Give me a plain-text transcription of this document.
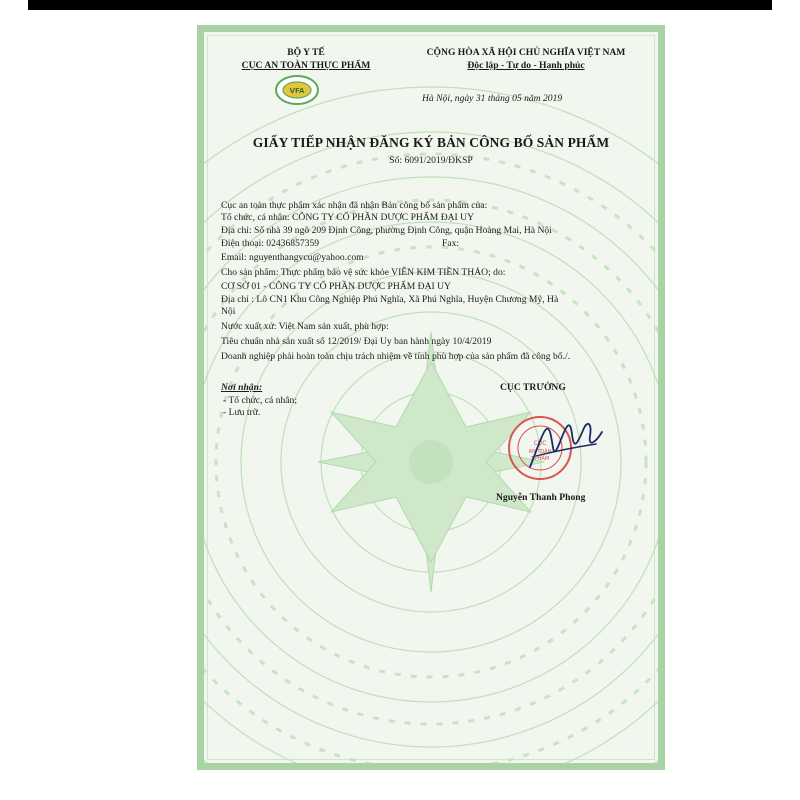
BỘ Y TẾ
CỤC AN TOÀN THỰC PHẨM
VFA
CỘNG HÒA XÃ HỘI CHỦ NGHĨA VIỆT NAM
Độc lập - Tự do - Hạnh phúc
Hà Nội, ngày 31 tháng 05 năm 2019
GIẤY TIẾP NHẬN ĐĂNG KÝ BẢN CÔNG BỐ SẢN PHẨM
Số: 6091/2019/ĐKSP
Cục an toàn thực phẩm xác nhận đã nhận Bản công bố sản phẩm của:
Tổ chức, cá nhân: CÔNG TY CỔ PHẦN DƯỢC PHẨM ĐẠI UY
Địa chỉ: Số nhà 39 ngõ 209 Định Công, phường Định Công, quận Hoàng Mai, Hà Nội
Điện thoại: 02436857359	Fax:
Email: nguyenthangvcu@yahoo.com
Cho sản phẩm: Thực phẩm bảo vệ sức khỏe VIÊN KIM TIỀN THẢO; do:
CƠ SỞ 01 - CÔNG TY CỔ PHẦN DƯỢC PHẨM ĐẠI UY
Địa chỉ : Lô CN1 Khu Công Nghiệp Phú Nghĩa, Xã Phú Nghĩa, Huyện Chương Mỹ, Hà
Nội
Nước xuất xứ: Việt Nam sản xuất, phù hợp:
Tiêu chuẩn nhà sản xuất số 12/2019/ Đại Uy ban hành ngày 10/4/2019
Doanh nghiệp phải hoàn toàn chịu trách nhiệm về tính phù hợp của sản phẩm đã công bố./.
Nơi nhận:
- Tổ chức, cá nhân;
- Lưu trữ.
CỤC TRƯỞNG
CỤC
AN TOÀN
T.PHẨM
Nguyễn Thanh Phong
